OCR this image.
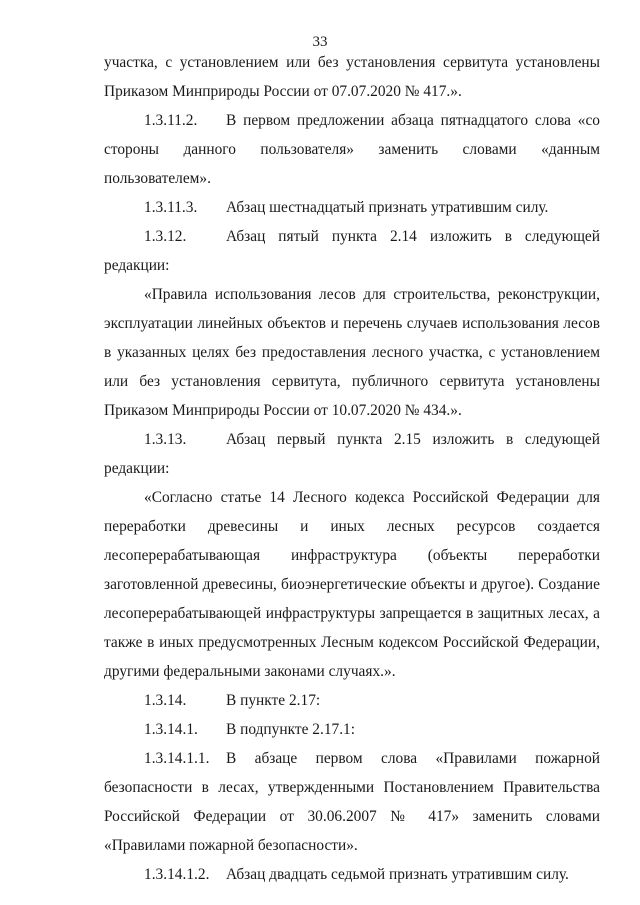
33

участка, с установлением или без установления сервитута установлены Приказом Минприроды России от 07.07.2020 № 417.».

1.3.11.2. В первом предложении абзаца пятнадцатого слова «со стороны данного пользователя» заменить словами «данным пользователем».

1.3.11.3.	Абзац шестнадцатый признать утратившим силу.

1.3.12.	Абзац пятый пункта 2.14 изложить в следующей редакции:

«Правила использования лесов для строительства, реконструкции, эксплуатации линейных объектов и перечень случаев использования лесов в указанных целях без предоставления лесного участка, с установлением или без установления сервитута, публичного сервитута установлены Приказом Минприроды России от 10.07.2020 № 434.».

1.3.13.	Абзац первый пункта 2.15 изложить в следующей редакции:

«Согласно статье 14 Лесного кодекса Российской Федерации для переработки древесины и иных лесных ресурсов создается лесоперерабатывающая инфраструктура (объекты переработки заготовленной древесины, биоэнергетические объекты и другое). Создание лесоперерабатывающей инфраструктуры запрещается в защитных лесах, а также в иных предусмотренных Лесным кодексом Российской Федерации, другими федеральными законами случаях.».

1.3.14.	В пункте 2.17:
1.3.14.1.	В подпункте 2.17.1:

1.3.14.1.1. В абзаце первом слова «Правилами пожарной безопасности в лесах, утвержденными Постановлением Правительства Российской Федерации от 30.06.2007 № 417» заменить словами «Правилами пожарной безопасности».

1.3.14.1.2.	Абзац двадцать седьмой признать утратившим силу.
